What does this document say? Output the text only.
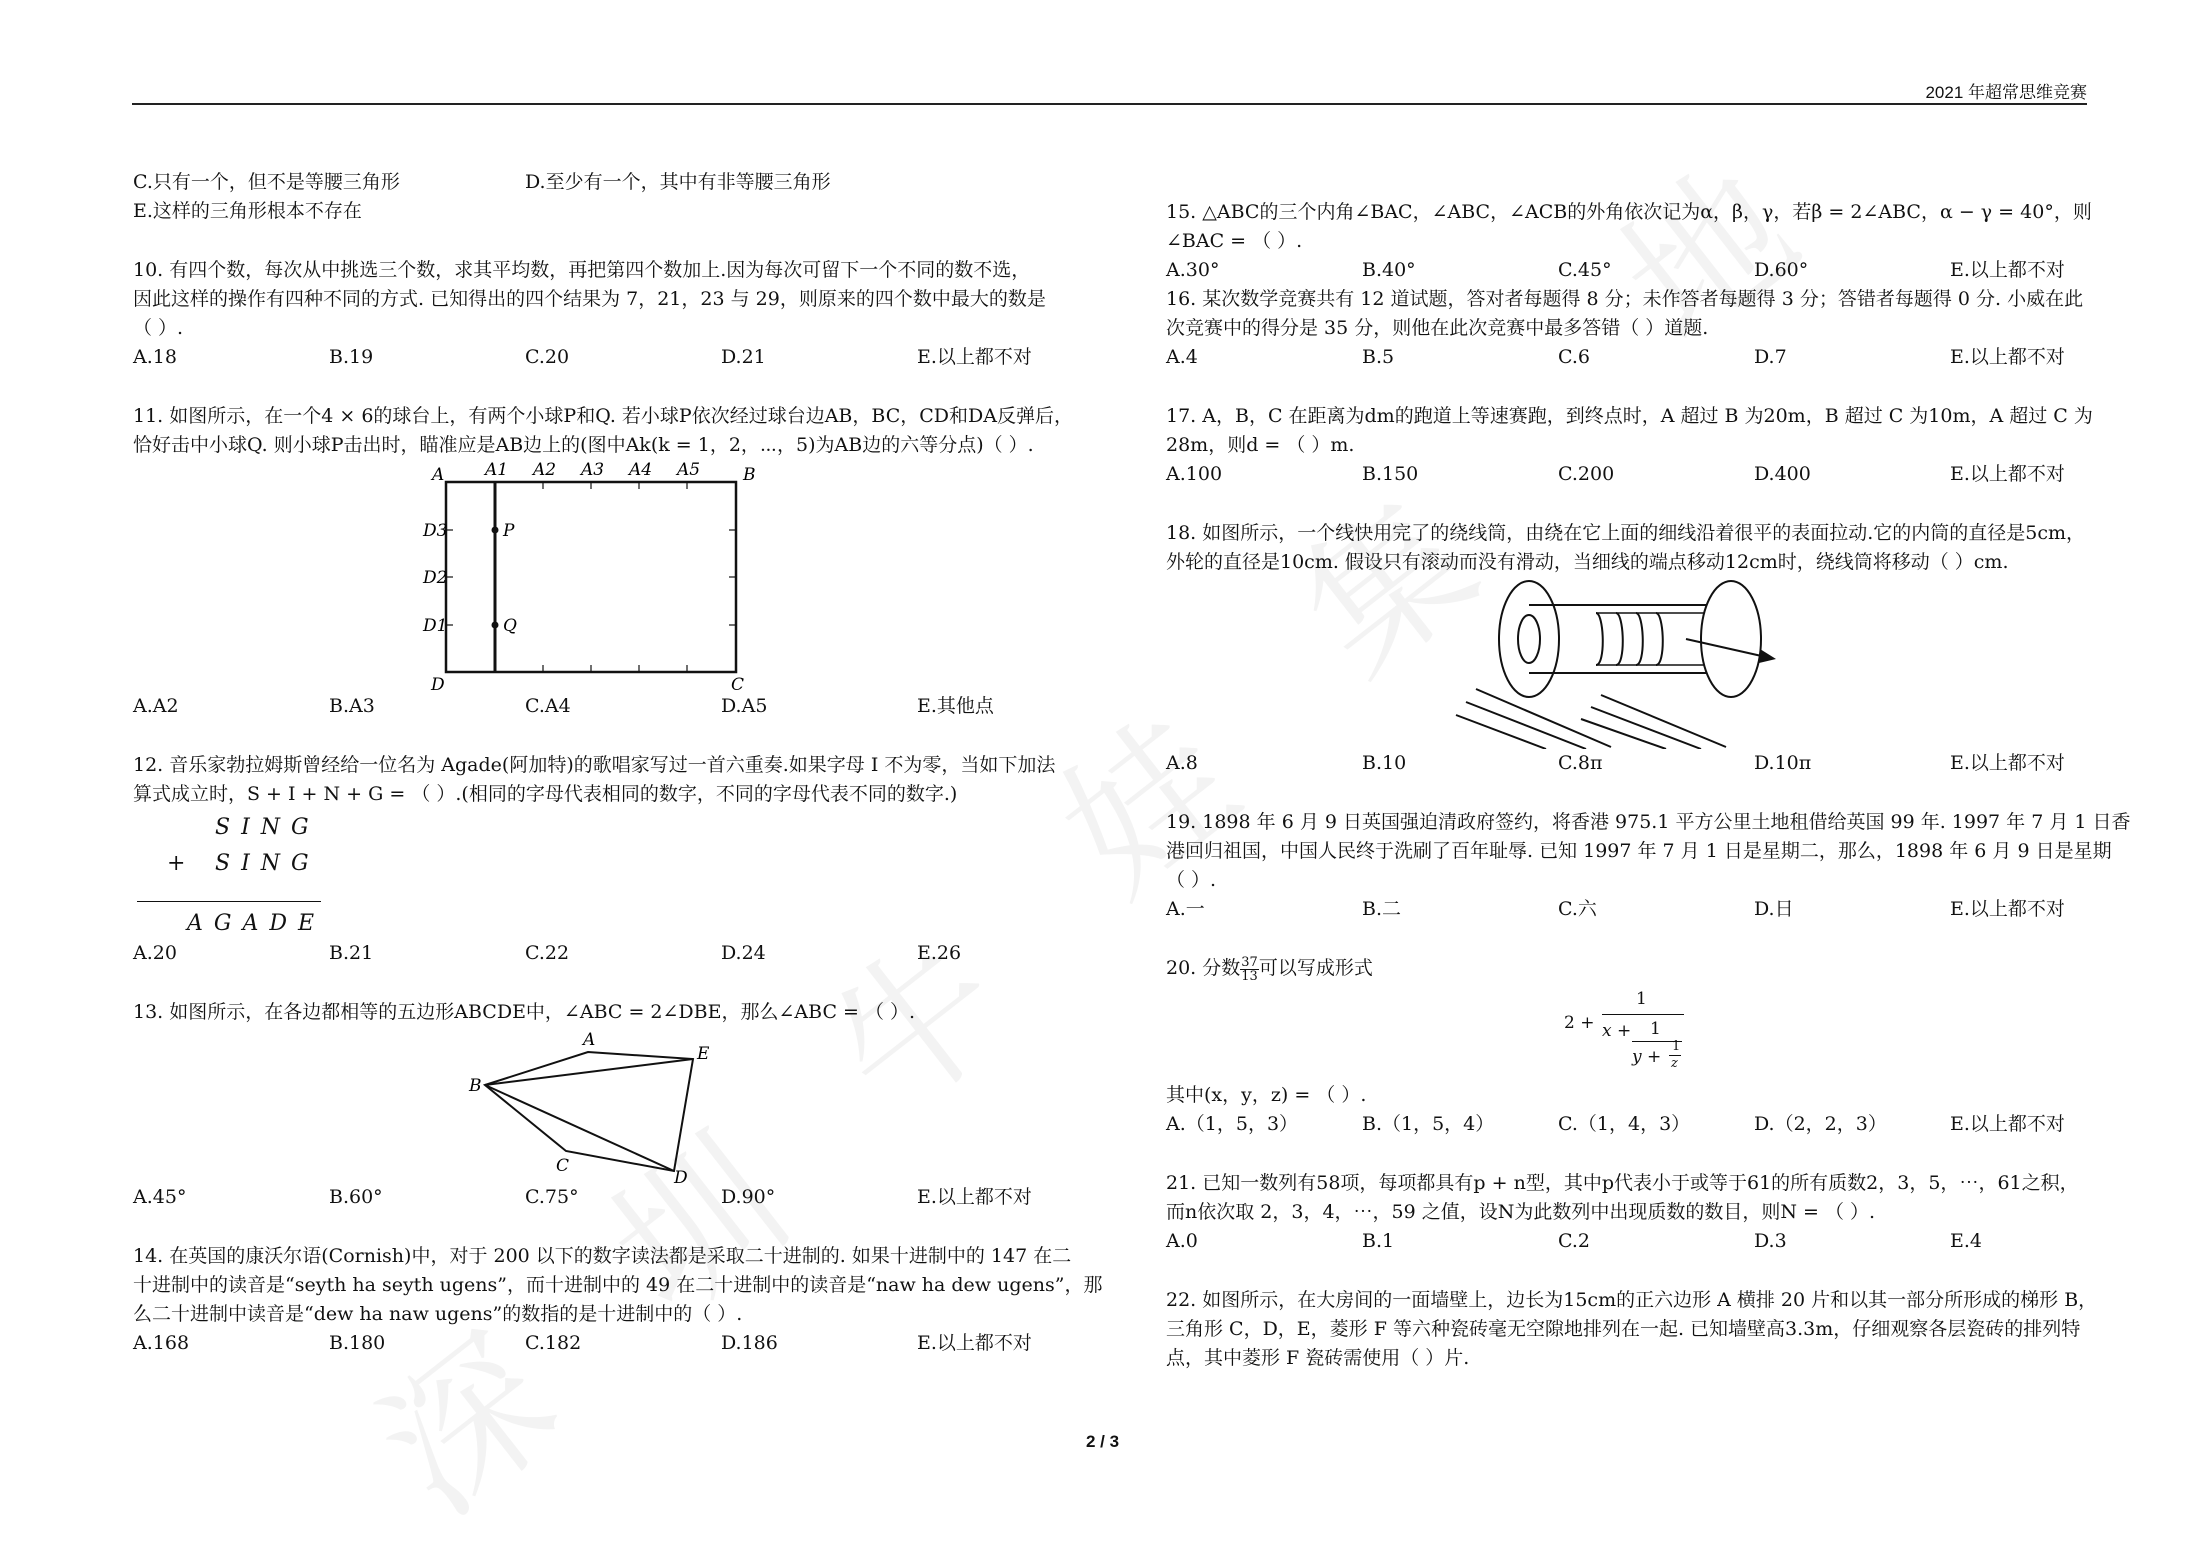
2021 年超常思维竞赛
C.只有一个，但不是等腰三角形	D.至少有一个，其中有非等腰三角形

E.这样的三角形根本不存在

10. 有四个数，每次从中挑选三个数，求其平均数，再把第四个数加上.因为每次可留下一个不同的数不选，

因此这样的操作有四种不同的方式. 已知得出的四个结果为 7，21，23 与 29，则原来的四个数中最大的数是

（ ）.

A.18	B.19	C.20	D.21	E.以上都不对

11. 如图所示，在一个4 × 6的球台上，有两个小球P和Q. 若小球P依次经过球台边AB，BC，CD和DA反弹后，

恰好击中小球Q. 则小球P击出时，瞄准应是AB边上的(图中Ak(k = 1，2，⋯，5)为AB边的六等分点)（ ）.

A	B
C
D
P
Q
A1 A2 A3 A4 A5
D3
D2
D1
A.A2	B.A3	C.A4	D.A5	E.其他点

12. 音乐家勃拉姆斯曾经给一位名为 Agade(阿加特)的歌唱家写过一首六重奏.如果字母 I 不为零，当如下加法

算式成立时，S + I + N + G = （ ）.(相同的字母代表相同的数字，不同的字母代表不同的数字.)

S I N G
+ S I N G
A G A D E
A.20	B.21	C.22	D.24	E.26

13. 如图所示，在各边都相等的五边形ABCDE中，∠ABC = 2∠DBE，那么∠ABC = （ ）.

A
B
C
D
E
A.45°	B.60°	C.75°	D.90°	E.以上都不对

14. 在英国的康沃尔语(Cornish)中，对于 200 以下的数字读法都是采取二十进制的. 如果十进制中的 147 在二

十进制中的读音是“seyth ha seyth ugens”，而十进制中的 49 在二十进制中的读音是“naw ha dew ugens”，那

么二十进制中读音是“dew ha naw ugens”的数指的是十进制中的（ ）.

A.168	B.180	C.182	D.186	E.以上都不对

15. △ABC的三个内角∠BAC，∠ABC，∠ACB的外角依次记为α，β，γ，若β = 2∠ABC，α − γ = 40°，则

∠BAC = （ ）.

A.30°	B.40°	C.45°	D.60°	E.以上都不对

16. 某次数学竞赛共有 12 道试题，答对者每题得 8 分；未作答者每题得 3 分；答错者每题得 0 分. 小威在此

次竞赛中的得分是 35 分，则他在此次竞赛中最多答错（ ）道题.

A.4	B.5	C.6	D.7	E.以上都不对

17. A，B，C 在距离为dm的跑道上等速赛跑，到终点时，A 超过 B 为20m，B 超过 C 为10m，A 超过 C 为

28m，则d = （ ）m.

A.100	B.150	C.200	D.400	E.以上都不对

18. 如图所示，一个线快用完了的绕线筒，由绕在它上面的细线沿着很平的表面拉动.它的内筒的直径是5cm，

外轮的直径是10cm. 假设只有滚动而没有滑动，当细线的端点移动12cm时，绕线筒将移动（ ）cm.

A.8	B.10	C.8π	D.10π	E.以上都不对

19. 1898 年 6 月 9 日英国强迫清政府签约，将香港 975.1 平方公里土地租借给英国 99 年. 1997 年 7 月 1 日香

港回归祖国，中国人民终于洗刷了百年耻辱. 已知 1997 年 7 月 1 日是星期二，那么，1898 年 6 月 9 日是星期

（ ）.

A.一	B.二	C.六	D.日	E.以上都不对

20. 分数 $\frac{37}{13}$ 可以写成形式

2 +
1
x + 1
y +
1
z

其中(x，y，z) = （ ）.

A.（1，5，3）	B.（1，5，4）	C.（1，4，3）	D.（2，2，3）	E.以上都不对

21. 已知一数列有58项，每项都具有p + n型，其中p代表小于或等于61的所有质数2，3，5，⋯，61之积，

而n依次取 2，3，4，⋯，59 之值，设N为此数列中出现质数的数目，则N = （ ）.

A.0	B.1	C.2	D.3	E.4

22. 如图所示，在大房间的一面墙壁上，边长为15cm的正六边形 A 横排 20 片和以其一部分所形成的梯形 B，

三角形 C，D，E，菱形 F 等六种瓷砖毫无空隙地排列在一起. 已知墙壁高3.3m，仔细观察各层瓷砖的排列特

点，其中菱形 F 瓷砖需使用（ ）片.

2 / 3
